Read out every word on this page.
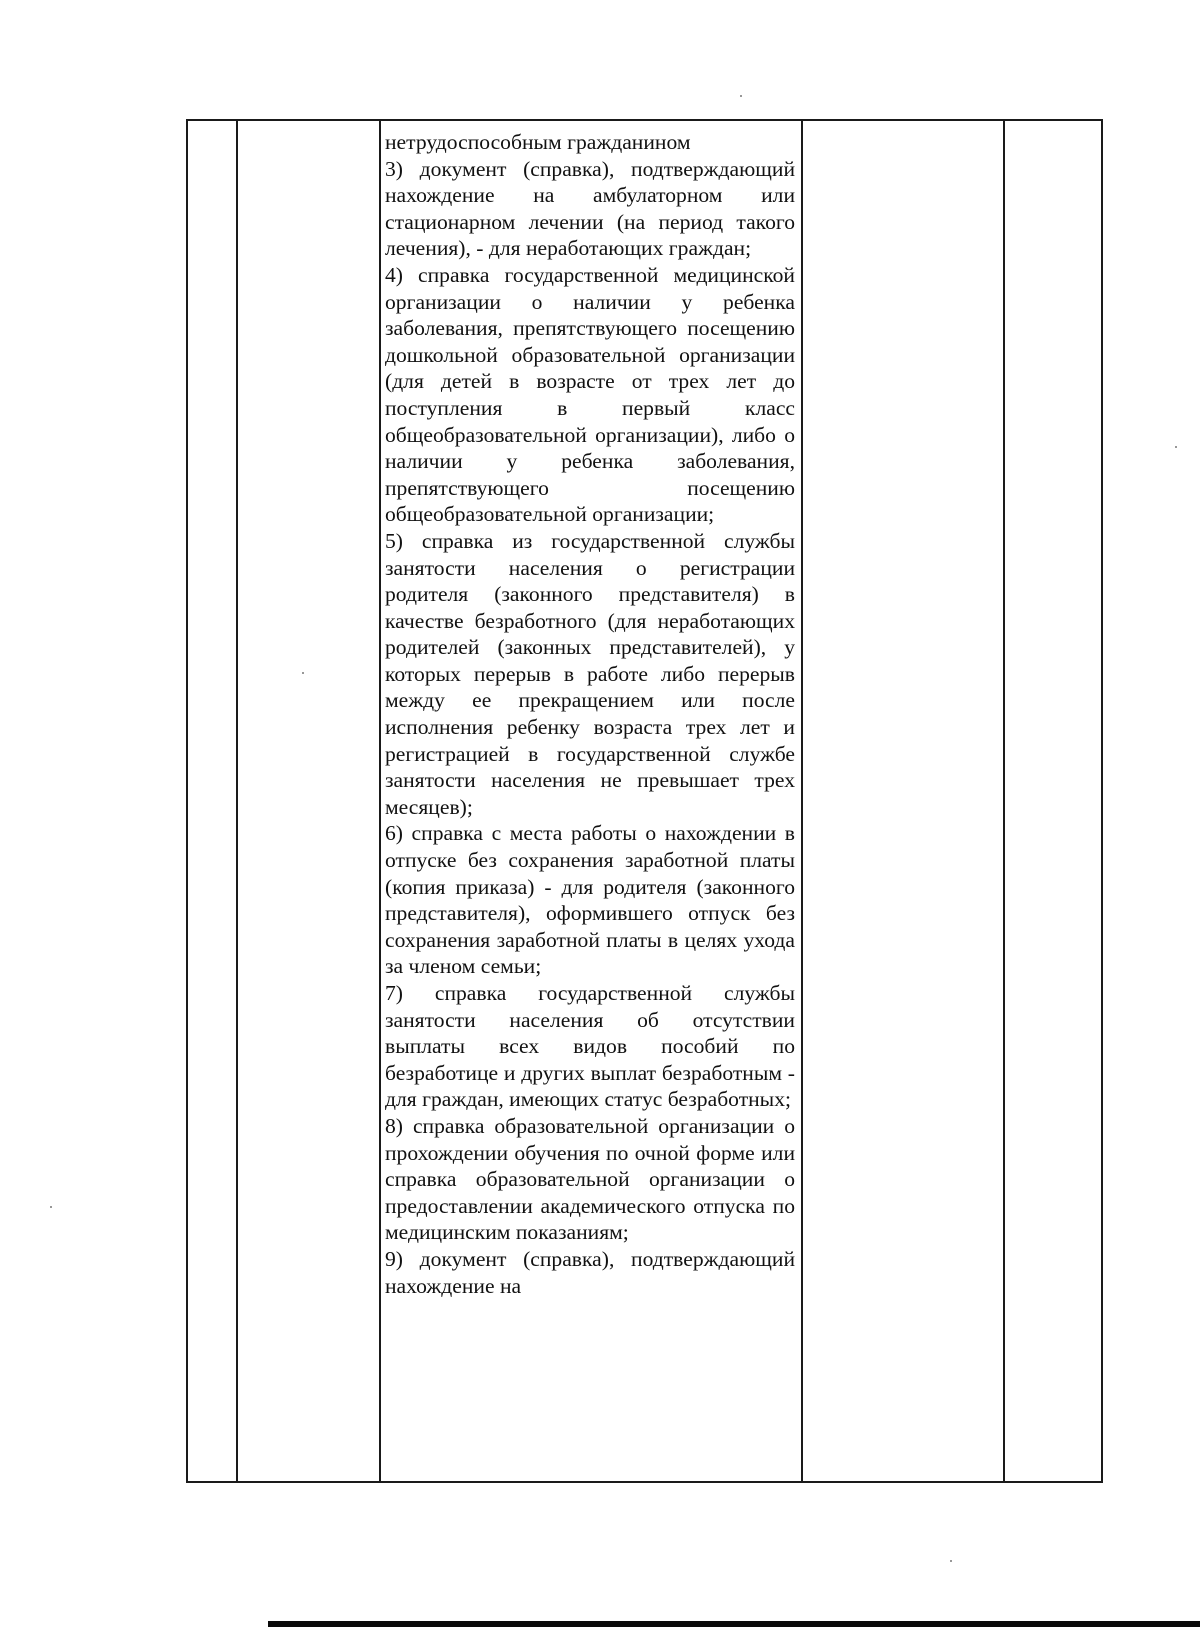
нетрудоспособным гражданином

3) документ (справка), подтверждающий нахождение на амбулаторном или стационарном лечении (на период такого лечения), - для неработающих граждан;

4) справка государственной медицинской организации о наличии у ребенка заболевания, препятствующего посещению дошкольной образовательной организации (для детей в возрасте от трех лет до поступления в первый класс общеобразовательной организации), либо о наличии у ребенка заболевания, препятствующего посещению общеобразовательной организации;

5) справка из государственной службы занятости населения о регистрации родителя (законного представителя) в качестве безработного (для неработающих родителей (законных представителей), у которых перерыв в работе либо перерыв между ее прекращением или после исполнения ребенку возраста трех лет и регистрацией в государственной службе занятости населения не превышает трех месяцев);

6) справка с места работы о нахождении в отпуске без сохранения заработной платы (копия приказа) - для родителя (законного представителя), оформившего отпуск без сохранения заработной платы в целях ухода за членом семьи;

7) справка государственной службы занятости населения об отсутствии выплаты всех видов пособий по безработице и других выплат безработным - для граждан, имеющих статус безработных;

8) справка образовательной организации о прохождении обучения по очной форме или справка образовательной организации о предоставлении академического отпуска по медицинским показаниям;

9) документ (справка), подтверждающий нахождение на
